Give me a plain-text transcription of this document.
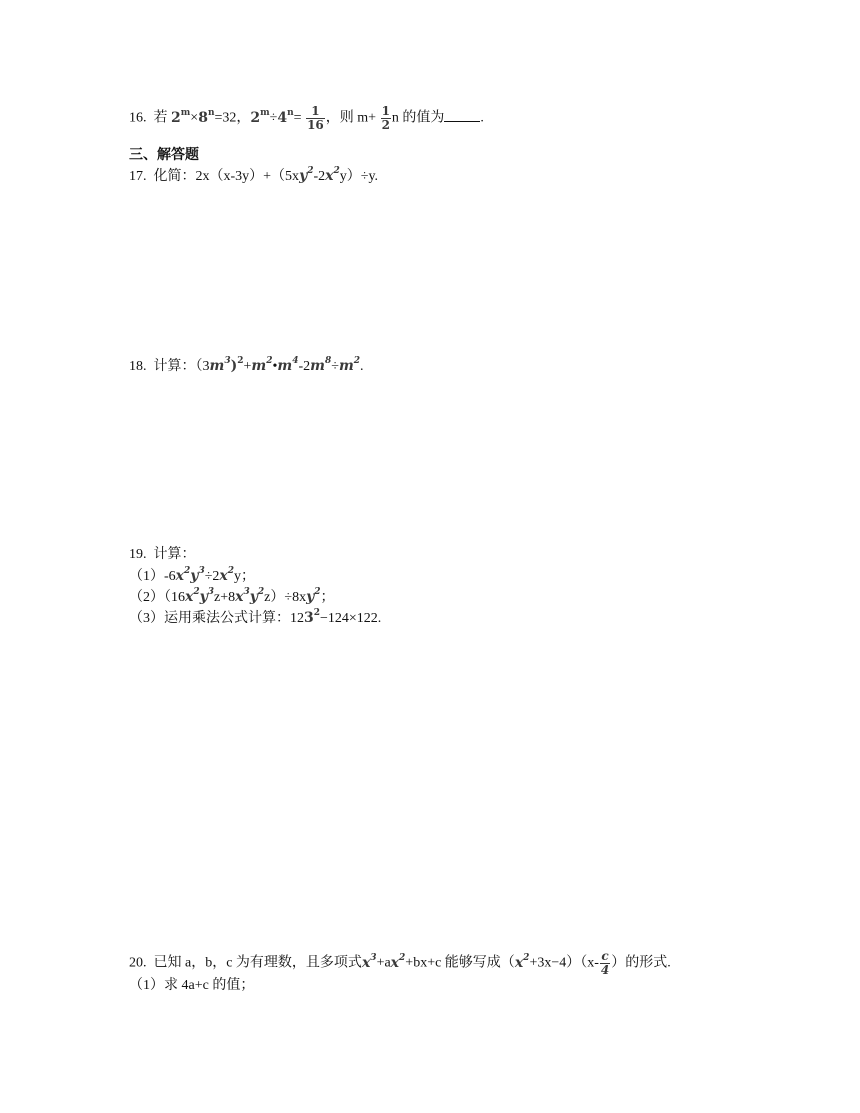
16. 若 $2^m\times 8^n=32$，$2^m\div 4^n= \frac{1}{16}$ ，则 $m+ \frac{1}{2}$ n 的值为	.
三、解答题
17. 化简：$2x(x-3y)+(5xy^2-2x^2y)\div y$.
18. 计算：$(3m^3)^2+m^2•m^4-2m^8\div m^2$.
19. 计算：
$(1)-6x^2y^3\div 2x^2y$；
$(2)(16x^2y^3z+8x^3y^2z)\div 8xy^2$；
（3）运用乘法公式计算：$123^2-124\times 122$.
20. 已知 a，b，c 为有理数，且多项式$x^3+ax^2+bx+c$ 能够写成$(x^2+3x-4)(x- \frac{c}{4}$ ）的形式.
（1）求 4a+c 的值；
